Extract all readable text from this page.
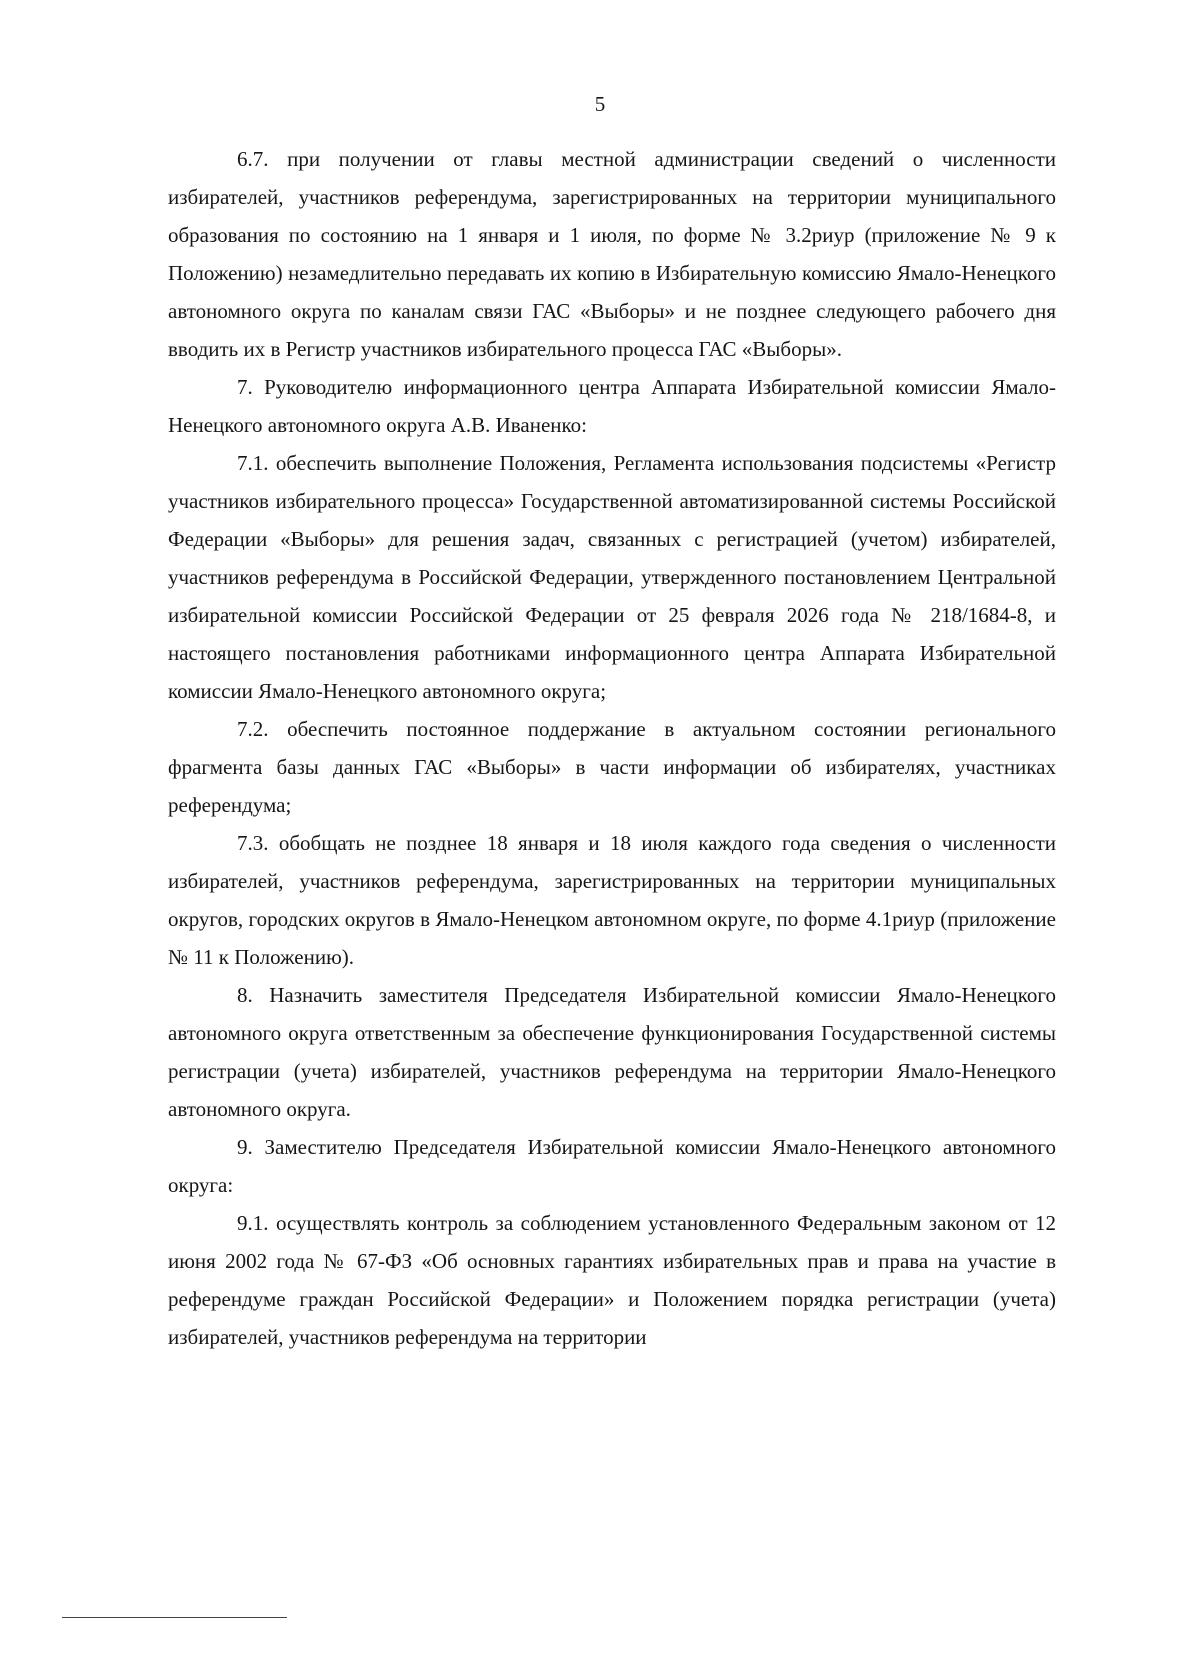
5

6.7. при получении от главы местной администрации сведений о численности избирателей, участников референдума, зарегистрированных на территории муниципального образования по состоянию на 1 января и 1 июля, по форме № 3.2риур (приложение № 9 к Положению) незамедлительно передавать их копию в Избирательную комиссию Ямало-Ненецкого автономного округа по каналам связи ГАС «Выборы» и не позднее следующего рабочего дня вводить их в Регистр участников избирательного процесса ГАС «Выборы».

7. Руководителю информационного центра Аппарата Избирательной комиссии Ямало-Ненецкого автономного округа А.В. Иваненко:

7.1. обеспечить выполнение Положения, Регламента использования подсистемы «Регистр участников избирательного процесса» Государственной автоматизированной системы Российской Федерации «Выборы» для решения задач, связанных с регистрацией (учетом) избирателей, участников референдума в Российской Федерации, утвержденного постановлением Центральной избирательной комиссии Российской Федерации от 25 февраля 2026 года № 218/1684-8, и настоящего постановления работниками информационного центра Аппарата Избирательной комиссии Ямало-Ненецкого автономного округа;

7.2. обеспечить постоянное поддержание в актуальном состоянии регионального фрагмента базы данных ГАС «Выборы» в части информации об избирателях, участниках референдума;

7.3. обобщать не позднее 18 января и 18 июля каждого года сведения о численности избирателей, участников референдума, зарегистрированных на территории муниципальных округов, городских округов в Ямало-Ненецком автономном округе, по форме 4.1риур (приложение № 11 к Положению).

8. Назначить заместителя Председателя Избирательной комиссии Ямало-Ненецкого автономного округа ответственным за обеспечение функционирования Государственной системы регистрации (учета) избирателей, участников референдума на территории Ямало-Ненецкого автономного округа.

9. Заместителю Председателя Избирательной комиссии Ямало-Ненецкого автономного округа:

9.1. осуществлять контроль за соблюдением установленного Федеральным законом от 12 июня 2002 года № 67-ФЗ «Об основных гарантиях избирательных прав и права на участие в референдуме граждан Российской Федерации» и Положением порядка регистрации (учета) избирателей, участников референдума на территории
